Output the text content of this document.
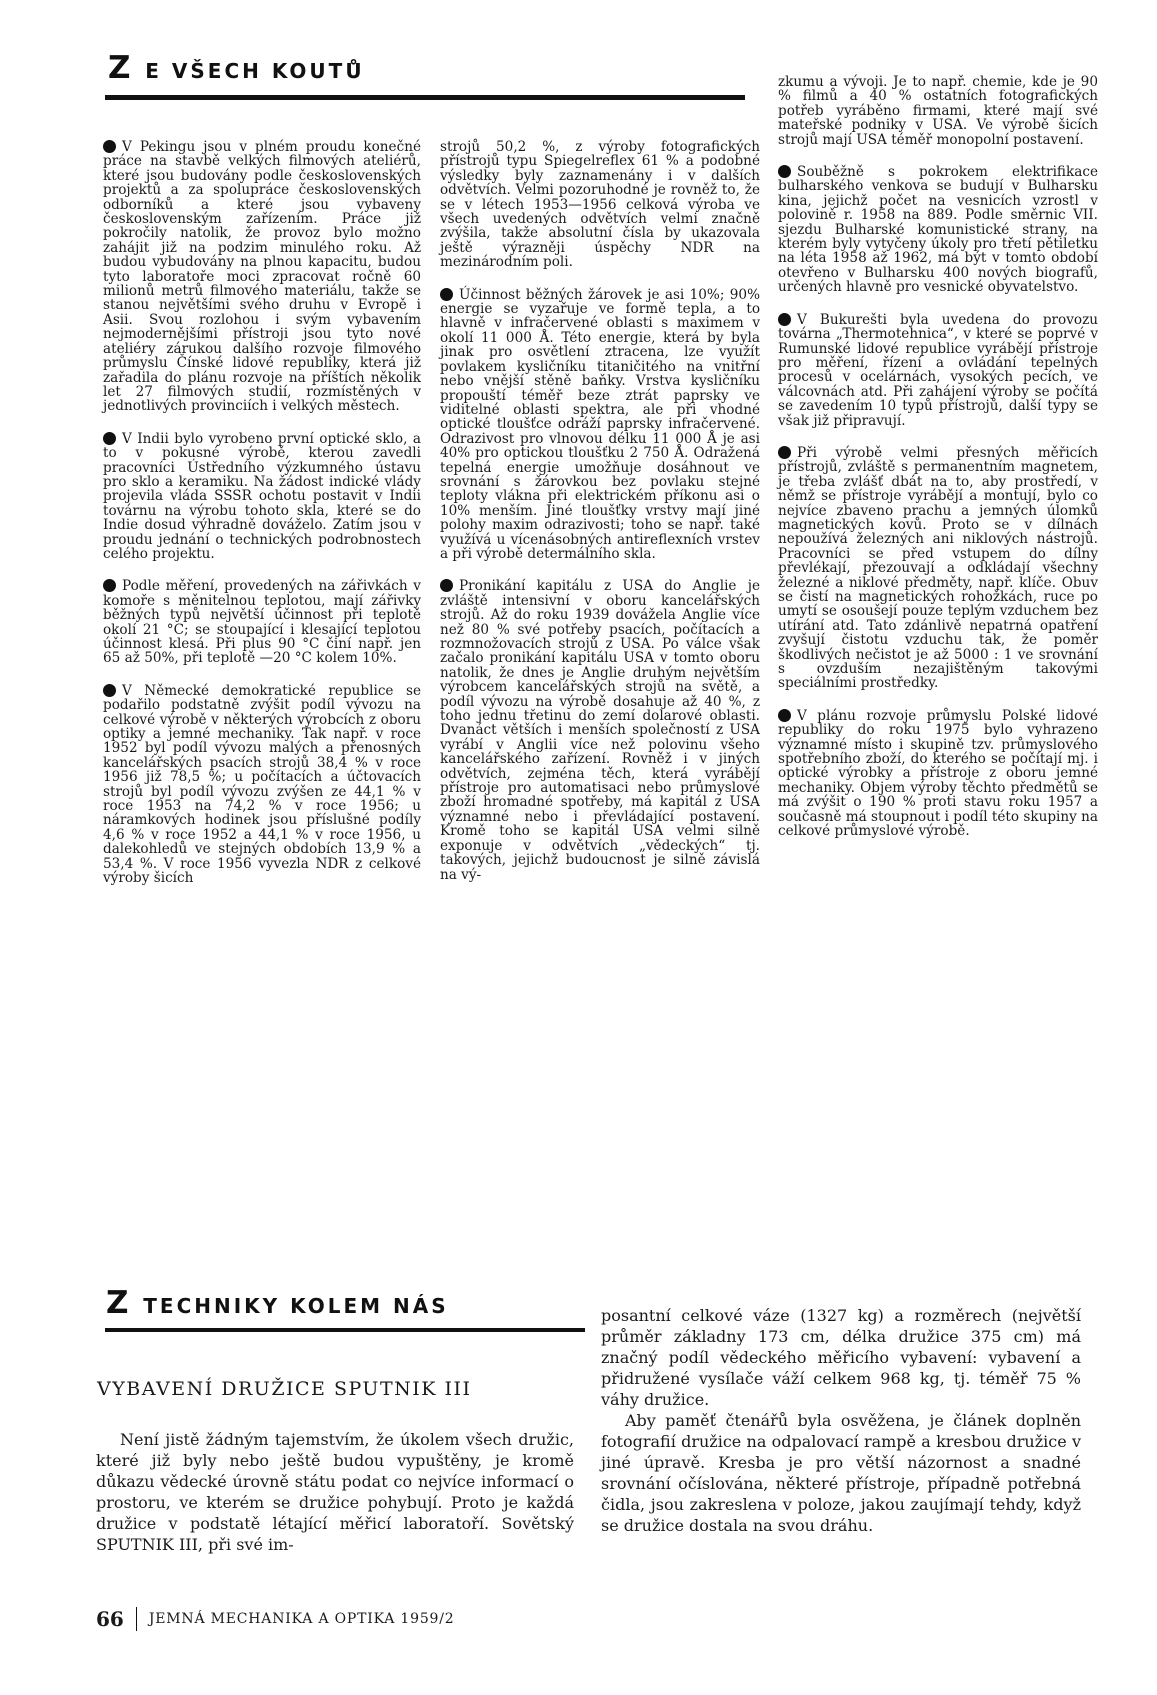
Z E VŠECH KOUTŮ

V Pekingu jsou v plném proudu konečné práce na stavbě velkých filmových ateliérů, které jsou budovány podle československých projektů a za spolupráce československých odborníků a které jsou vybaveny československým zařízením. Práce již pokročily natolik, že provoz bylo možno zahájit již na podzim minulého roku. Až budou vybudovány na plnou kapacitu, budou tyto laboratoře moci zpracovat ročně 60 milionů metrů filmového materiálu, takže se stanou největšími svého druhu v Evropě i Asii. Svou rozlohou i svým vybavením nejmodernějšími přístroji jsou tyto nové ateliéry zárukou dalšího rozvoje filmového průmyslu Čínské lidové republiky, která již zařadila do plánu rozvoje na příštích několik let 27 filmových studií, rozmístěných v jednotlivých provinciích i velkých městech.

V Indii bylo vyrobeno první optické sklo, a to v pokusné výrobě, kterou zavedli pracovníci Ústředního výzkumného ústavu pro sklo a keramiku. Na žádost indické vlády projevila vláda SSSR ochotu postavit v Indii továrnu na výrobu tohoto skla, které se do Indie dosud výhradně dováželo. Zatím jsou v proudu jednání o technických podrobnostech celého projektu.

Podle měření, provedených na zářivkách v komoře s měnitelnou teplotou, mají zářivky běžných typů největší účinnost při teplotě okolí 21 °C; se stoupající i klesající teplotou účinnost klesá. Při plus 90 °C činí např. jen 65 až 50%, při teplotě —20 °C kolem 10%.

V Německé demokratické republice se podařilo podstatně zvýšit podíl vývozu na celkové výrobě v některých výrobcích z oboru optiky a jemné mechaniky. Tak např. v roce 1952 byl podíl vývozu malých a přenosných kancelářských psacích strojů 38,4 % v roce 1956 již 78,5 %; u počítacích a účtovacích strojů byl podíl vývozu zvýšen ze 44,1 % v roce 1953 na 74,2 % v roce 1956; u náramkových hodinek jsou příslušné podíly 4,6 % v roce 1952 a 44,1 % v roce 1956, u dalekohledů ve stejných obdobích 13,9 % a 53,4 %. V roce 1956 vyvezla NDR z celkové výroby šicích

strojů 50,2 %, z výroby fotografických přístrojů typu Spiegelreflex 61 % a podobné výsledky byly zaznamenány i v dalších odvětvích. Velmi pozoruhodné je rovněž to, že se v létech 1953—1956 celková výroba ve všech uvedených odvětvích velmi značně zvýšila, takže absolutní čísla by ukazovala ještě výrazněji úspěchy NDR na mezinárodním poli.

Účinnost běžných žárovek je asi 10%; 90% energie se vyzařuje ve formě tepla, a to hlavně v infračervené oblasti s maximem v okolí 11 000 Å. Této energie, která by byla jinak pro osvětlení ztracena, lze využít povlakem kysličníku titaničitého na vnitřní nebo vnější stěně baňky. Vrstva kysličníku propouští téměř beze ztrát paprsky ve viditelné oblasti spektra, ale při vhodné optické tloušťce odráží paprsky infračervené. Odrazivost pro vlnovou délku 11 000 Å je asi 40% pro optickou tloušťku 2 750 Å. Odražená tepelná energie umožňuje dosáhnout ve srovnání s žárovkou bez povlaku stejné teploty vlákna při elektrickém příkonu asi o 10% menším. Jiné tloušťky vrstvy mají jiné polohy maxim odrazivosti; toho se např. také využívá u vícenásobných antireflexních vrstev a při výrobě determálního skla.

Pronikání kapitálu z USA do Anglie je zvláště intensivní v oboru kancelářských strojů. Až do roku 1939 dovážela Anglie více než 80 % své potřeby psacích, počítacích a rozmnožovacích strojů z USA. Po válce však začalo pronikání kapitálu USA v tomto oboru natolik, že dnes je Anglie druhým největším výrobcem kancelářských strojů na světě, a podíl vývozu na výrobě dosahuje až 40 %, z toho jednu třetinu do zemí dolarové oblasti. Dvanáct větších i menších společností z USA vyrábí v Anglii více než polovinu všeho kancelářského zařízení. Rovněž i v jiných odvětvích, zejména těch, která vyrábějí přístroje pro automatisaci nebo průmyslové zboží hromadné spotřeby, má kapitál z USA významné nebo i převládající postavení. Kromě toho se kapitál USA velmi silně exponuje v odvětvích „vědeckých“ tj. takových, jejichž budoucnost je silně závislá na vý-

zkumu a vývoji. Je to např. chemie, kde je 90 % filmů a 40 % ostatních fotografických potřeb vyráběno firmami, které mají své mateřské podniky v USA. Ve výrobě šicích strojů mají USA téměř monopolní postavení.

Souběžně s pokrokem elektrifikace bulharského venkova se budují v Bulharsku kina, jejichž počet na vesnicích vzrostl v polovině r. 1958 na 889. Podle směrnic VII. sjezdu Bulharské komunistické strany, na kterém byly vytyčeny úkoly pro třetí pětiletku na léta 1958 až 1962, má být v tomto období otevřeno v Bulharsku 400 nových biografů, určených hlavně pro vesnické obyvatelstvo.

V Bukurešti byla uvedena do provozu továrna „Thermotehnica“, v které se poprvé v Rumunské lidové republice vyrábějí přístroje pro měření, řízení a ovládání tepelných procesů v ocelárnách, vysokých pecích, ve válcovnách atd. Při zahájení výroby se počítá se zavedením 10 typů přístrojů, další typy se však již připravují.

Při výrobě velmi přesných měřicích přístrojů, zvláště s permanentním magnetem, je třeba zvlášť dbát na to, aby prostředí, v němž se přístroje vyrábějí a montují, bylo co nejvíce zbaveno prachu a jemných úlomků magnetických kovů. Proto se v dílnách nepoužívá železných ani niklových nástrojů. Pracovníci se před vstupem do dílny převlékají, přezouvají a odkládají všechny železné a niklové předměty, např. klíče. Obuv se čistí na magnetických rohožkách, ruce po umytí se osoušejí pouze teplým vzduchem bez utírání atd. Tato zdánlivě nepatrná opatření zvyšují čistotu vzduchu tak, že poměr škodlivých nečistot je až 5000 : 1 ve srovnání s ovzduším nezajištěným takovými speciálními prostředky.

V plánu rozvoje průmyslu Polské lidové republiky do roku 1975 bylo vyhrazeno významné místo i skupině tzv. průmyslového spotřebního zboží, do kterého se počítají mj. i optické výrobky a přístroje z oboru jemné mechaniky. Objem výroby těchto předmětů se má zvýšit o 190 % proti stavu roku 1957 a současně má stoupnout i podíl této skupiny na celkové průmyslové výrobě.

Z TECHNIKY KOLEM NÁS
VYBAVENÍ DRUŽICE SPUTNIK III
Není jistě žádným tajemstvím, že úkolem všech družic, které již byly nebo ještě budou vypuštěny, je kromě důkazu vědecké úrovně státu podat co nejvíce informací o prostoru, ve kterém se družice pohybují. Proto je každá družice v podstatě létající měřicí laboratoří. Sovětský SPUTNIK III, při své im-

posantní celkové váze (1327 kg) a rozměrech (největší průměr základny 173 cm, délka družice 375 cm) má značný podíl vědeckého měřicího vybavení: vybavení a přidružené vysílače váží celkem 968 kg, tj. téměř 75 % váhy družice.

Aby paměť čtenářů byla osvěžena, je článek doplněn fotografií družice na odpalovací rampě a kresbou družice v jiné úpravě. Kresba je pro větší názornost a snadné srovnání očíslována, některé přístroje, případně potřebná čidla, jsou zakreslena v poloze, jakou zaujímají tehdy, když se družice dostala na svou dráhu.

66 JEMNÁ MECHANIKA A OPTIKA 1959/2
